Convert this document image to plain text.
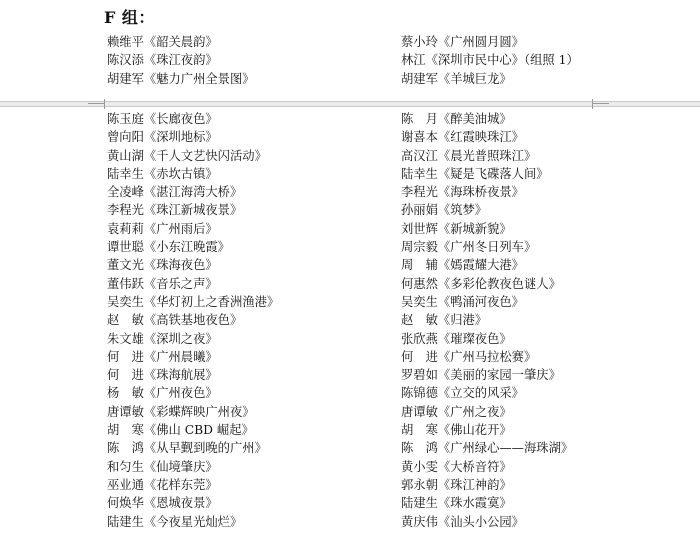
F 组：
赖维平《韶关晨韵》
陈汉添《珠江夜韵》
胡建军《魅力广州全景图》
蔡小玲《广州圆月圆》
林江《深圳市民中心》（组照 1）
胡建军《羊城巨龙》
陈玉庭《长廊夜色》
曾向阳《深圳地标》
黄山湖《千人文艺快闪活动》
陆幸生《赤坎古镇》
全凌峰《湛江海湾大桥》
李程光《珠江新城夜景》
袁莉莉《广州雨后》
谭世聪《小东江晚霞》
董文光《珠海夜色》
董伟跃《音乐之声》
吴奕生《华灯初上之香洲渔港》
赵　敏《高铁基地夜色》
朱文雄《深圳之夜》
何　进《广州晨曦》
何　进《珠海航展》
杨　敏《广州夜色》
唐谭敏《彩蝶辉映广州夜》
胡　寒《佛山 CBD 崛起》
陈　鸿《从早觐到晚的广州》
和匀生《仙境肇庆》
巫业通《花样东莞》
何焕华《恩城夜景》
陆建生《今夜星光灿烂》
陈　月《醉美油城》
谢喜本《红霞映珠江》
高汉江《晨光普照珠江》
陆幸生《疑是飞碟落人间》
李程光《海珠桥夜景》
孙丽娟《筑梦》
刘世辉《新城新貌》
周宗毅《广州冬日列车》
周　辅《嫣霞耀大港》
何惠然《多彩伦教夜色谜人》
吴奕生《鸭涌河夜色》
赵　敏《归港》
张欣燕《璀璨夜色》
何　进《广州马拉松赛》
罗碧如《美丽的家园一肇庆》
陈锦德《立交的风采》
唐谭敏《广州之夜》
胡　寒《佛山花开》
陈　鸿《广州绿心——海珠湖》
黄小雯《大桥音符》
郭永朝《珠江神韵》
陆建生《珠水霞寞》
黄庆伟《汕头小公园》
